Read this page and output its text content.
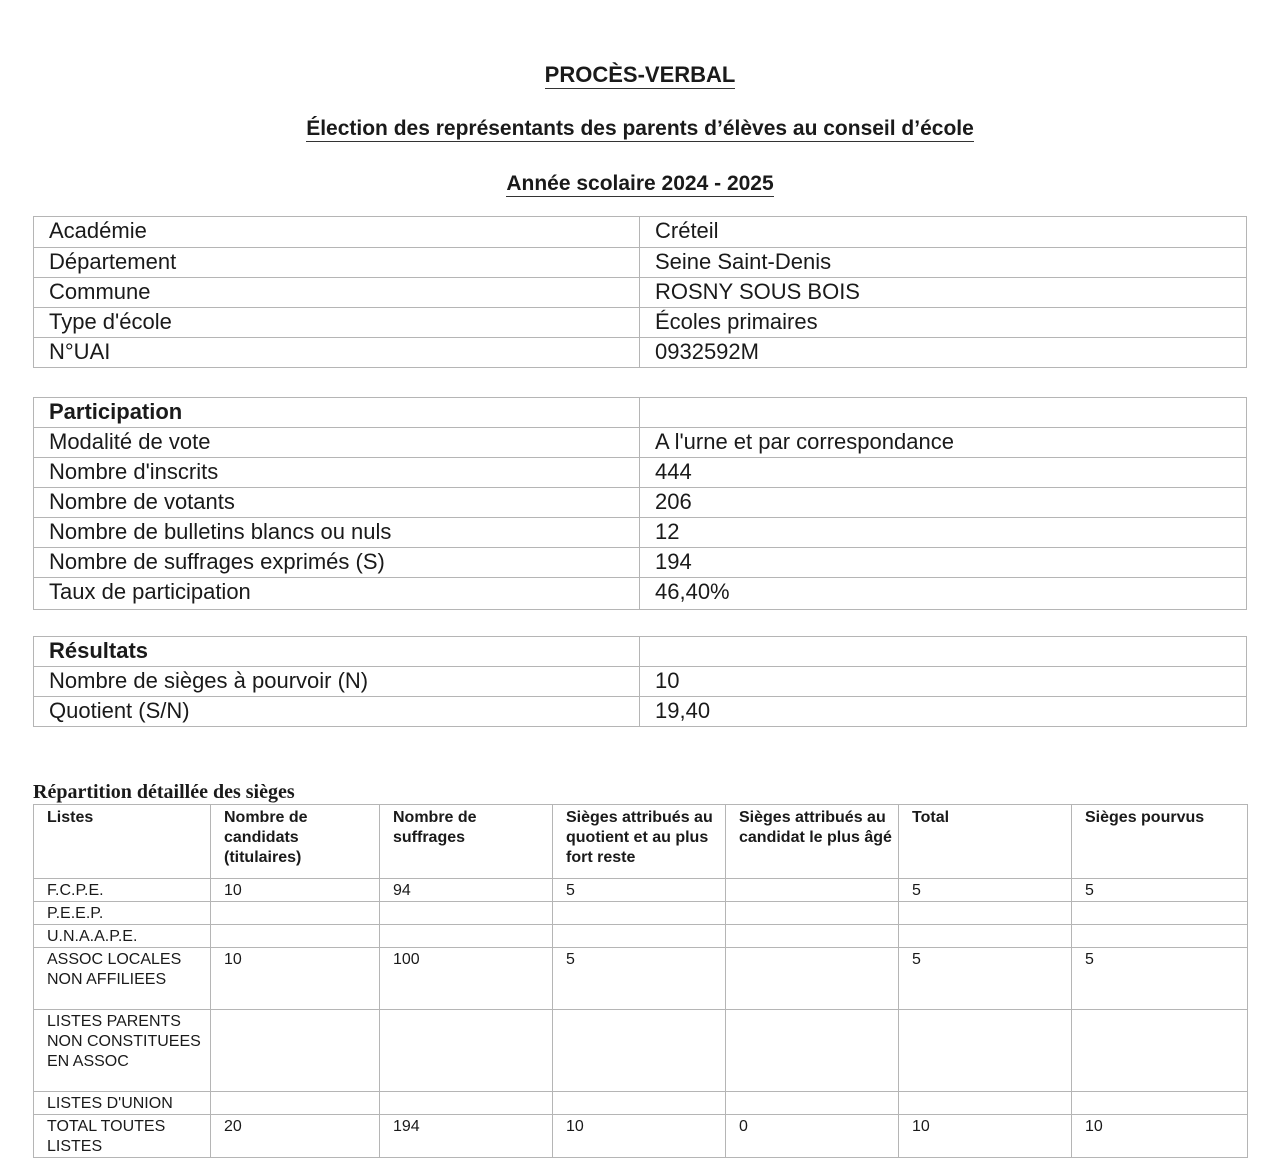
PROCÈS-VERBAL
Élection des représentants des parents d’élèves au conseil d’école
Année scolaire 2024 - 2025
Académie	Créteil
Département	Seine Saint-Denis
Commune	ROSNY SOUS BOIS
Type d'école	Écoles primaires
N°UAI	0932592M
Participation	
Modalité de vote	A l'urne et par correspondance
Nombre d'inscrits	444
Nombre de votants	206
Nombre de bulletins blancs ou nuls	12
Nombre de suffrages exprimés (S)	194
Taux de participation	46,40%
Résultats	
Nombre de sièges à pourvoir (N)	10
Quotient (S/N)	19,40
Répartition détaillée des sièges
Listes	Nombre de candidats (titulaires)	Nombre de suffrages	Sièges attribués au quotient et au plus fort reste	Sièges attribués au candidat le plus âgé	Total	Sièges pourvus
F.C.P.E.	10	94	5		5	5
P.E.E.P.						
U.N.A.A.P.E.						
ASSOC LOCALES NON AFFILIEES	10	100	5		5	5
LISTES PARENTS NON CONSTITUEES EN ASSOC						
LISTES D'UNION						
TOTAL TOUTES LISTES	20	194	10	0	10	10
